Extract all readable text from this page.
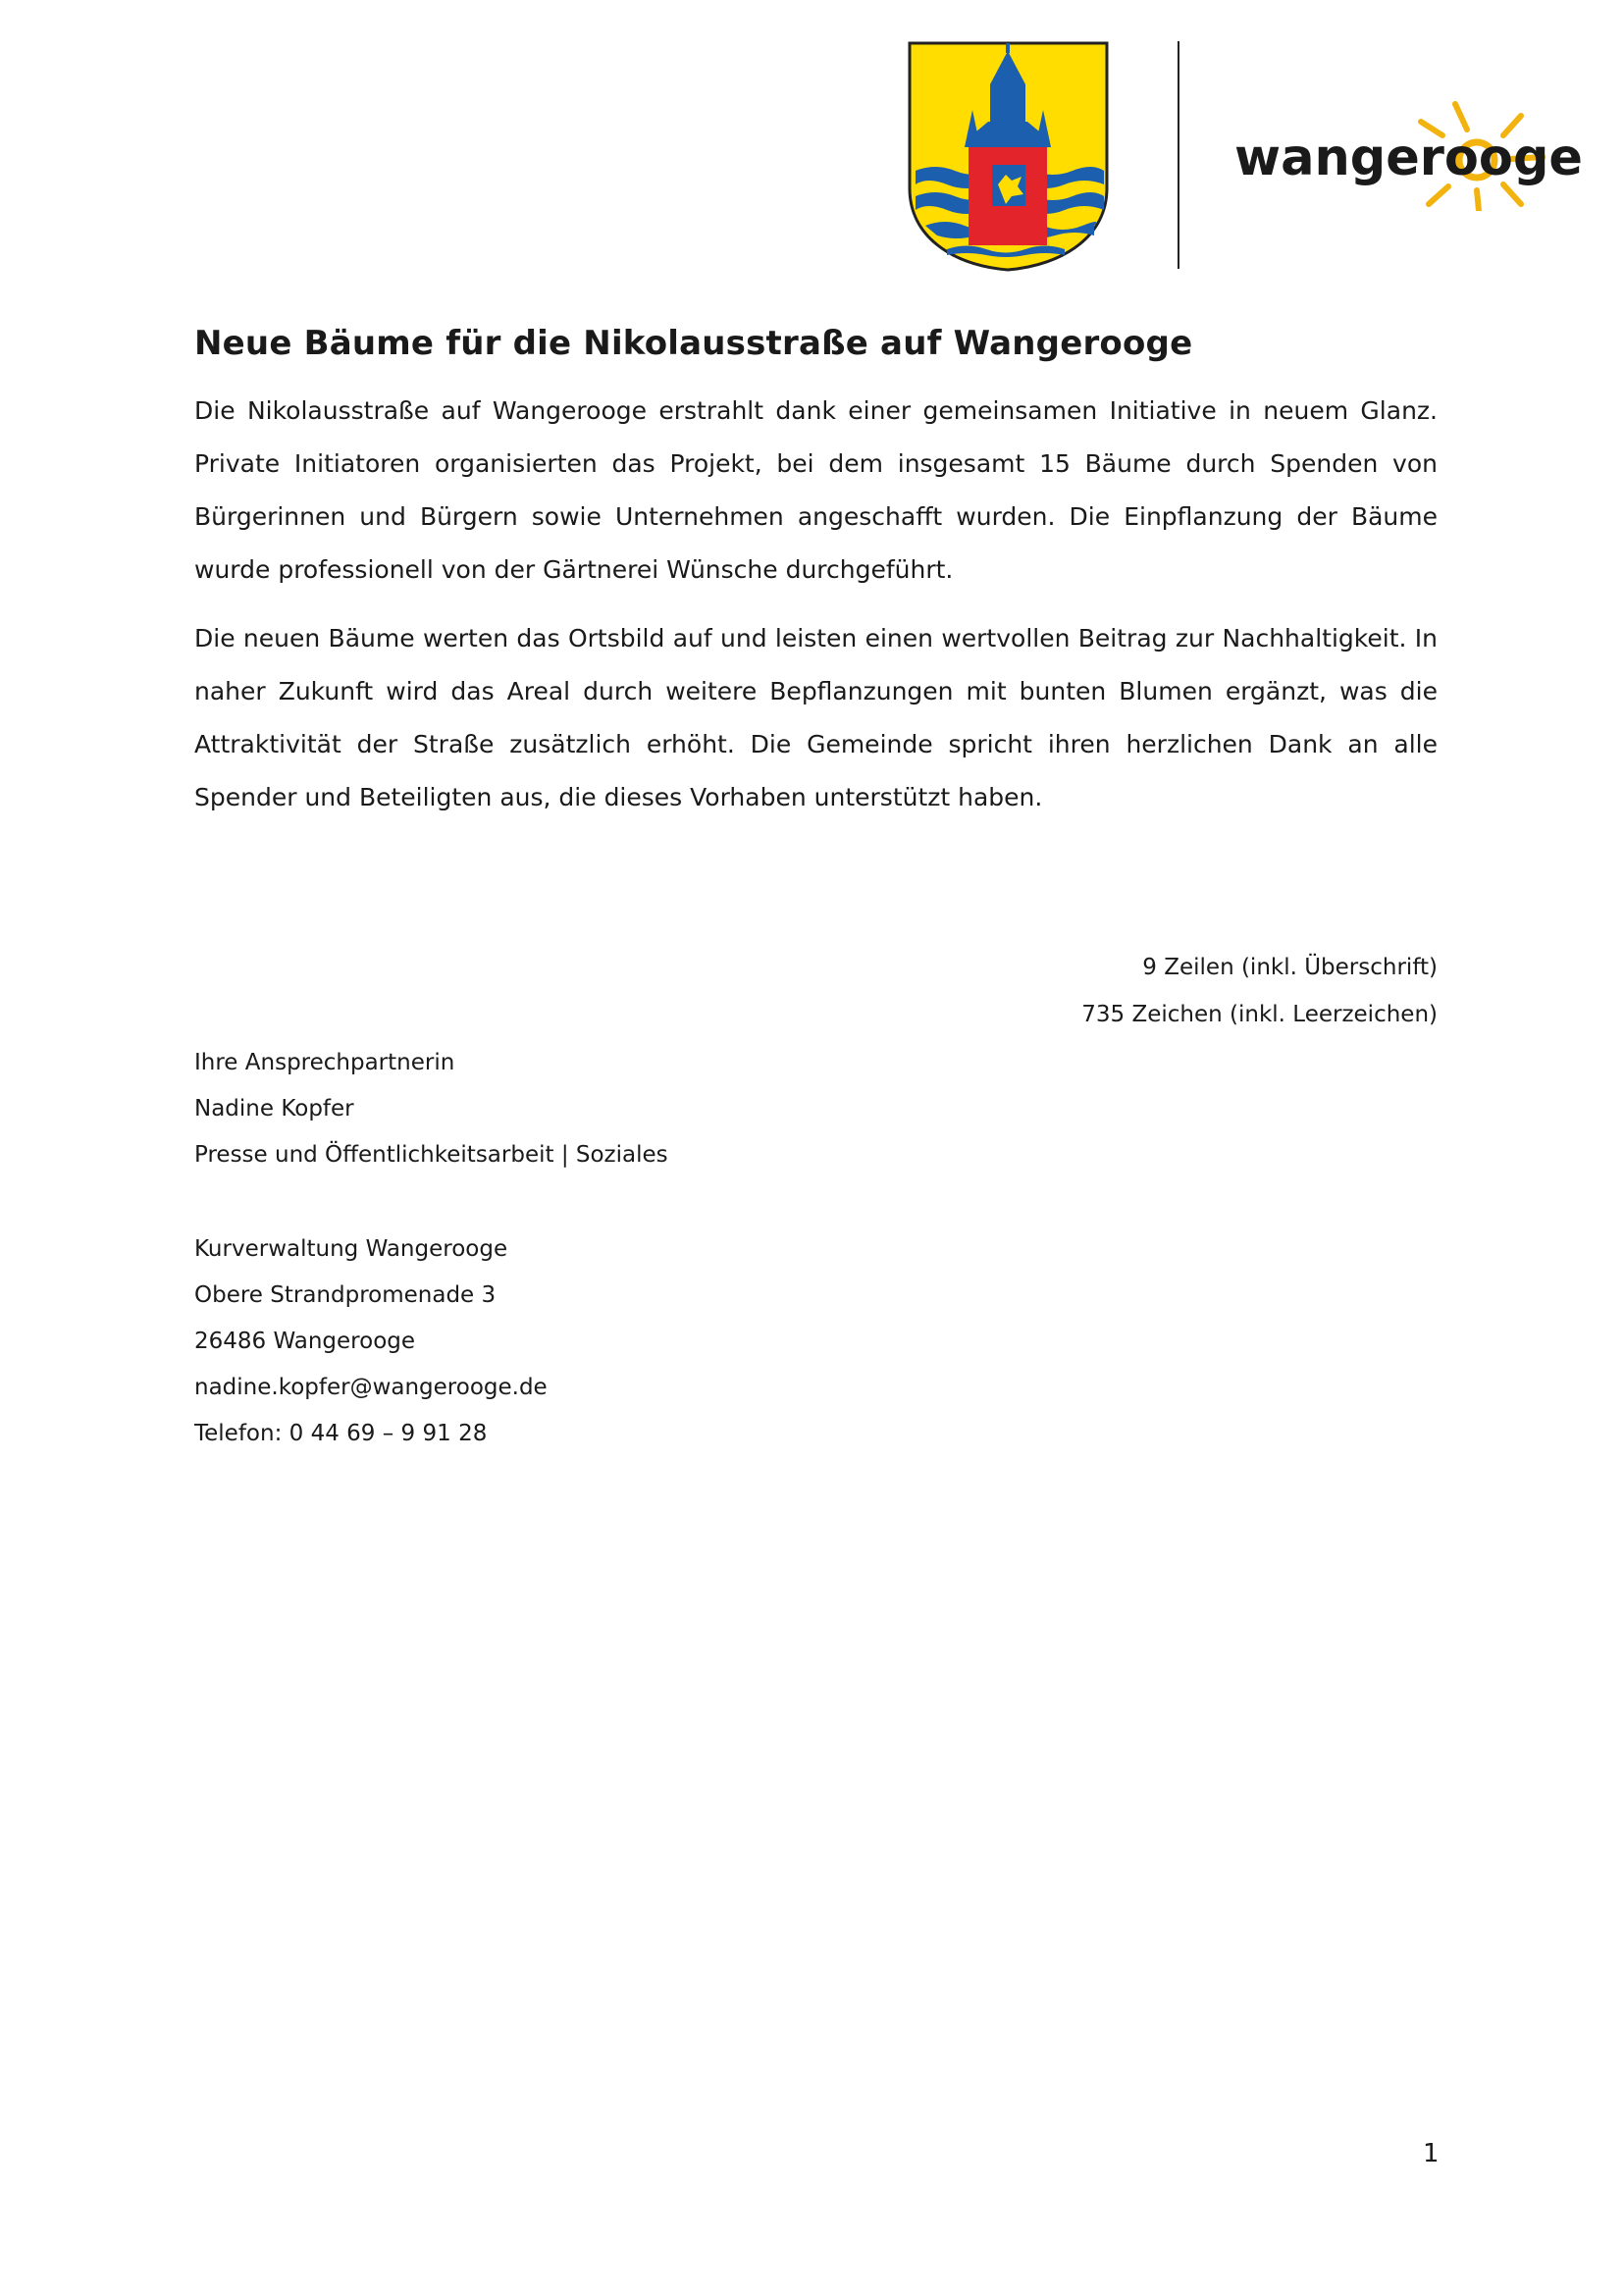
wangerooge
Neue Bäume für die Nikolausstraße auf Wangerooge

Die Nikolausstraße auf Wangerooge erstrahlt dank einer gemeinsamen Initiative in neuem Glanz. Private Initiatoren organisierten das Projekt, bei dem insgesamt 15 Bäume durch Spenden von Bürgerinnen und Bürgern sowie Unternehmen angeschafft wurden. Die Einpflanzung der Bäume wurde professionell von der Gärtnerei Wünsche durchgeführt.

Die neuen Bäume werten das Ortsbild auf und leisten einen wertvollen Beitrag zur Nachhaltigkeit. In naher Zukunft wird das Areal durch weitere Bepflanzungen mit bunten Blumen ergänzt, was die Attraktivität der Straße zusätzlich erhöht. Die Gemeinde spricht ihren herzlichen Dank an alle Spender und Beteiligten aus, die dieses Vorhaben unterstützt haben.

9 Zeilen (inkl. Überschrift)
735 Zeichen (inkl. Leerzeichen)
Ihre Ansprechpartnerin
Nadine Kopfer
Presse und Öffentlichkeitsarbeit | Soziales
Kurverwaltung Wangerooge
Obere Strandpromenade 3
26486 Wangerooge
nadine.kopfer@wangerooge.de
Telefon: 0 44 69 – 9 91 28
1
